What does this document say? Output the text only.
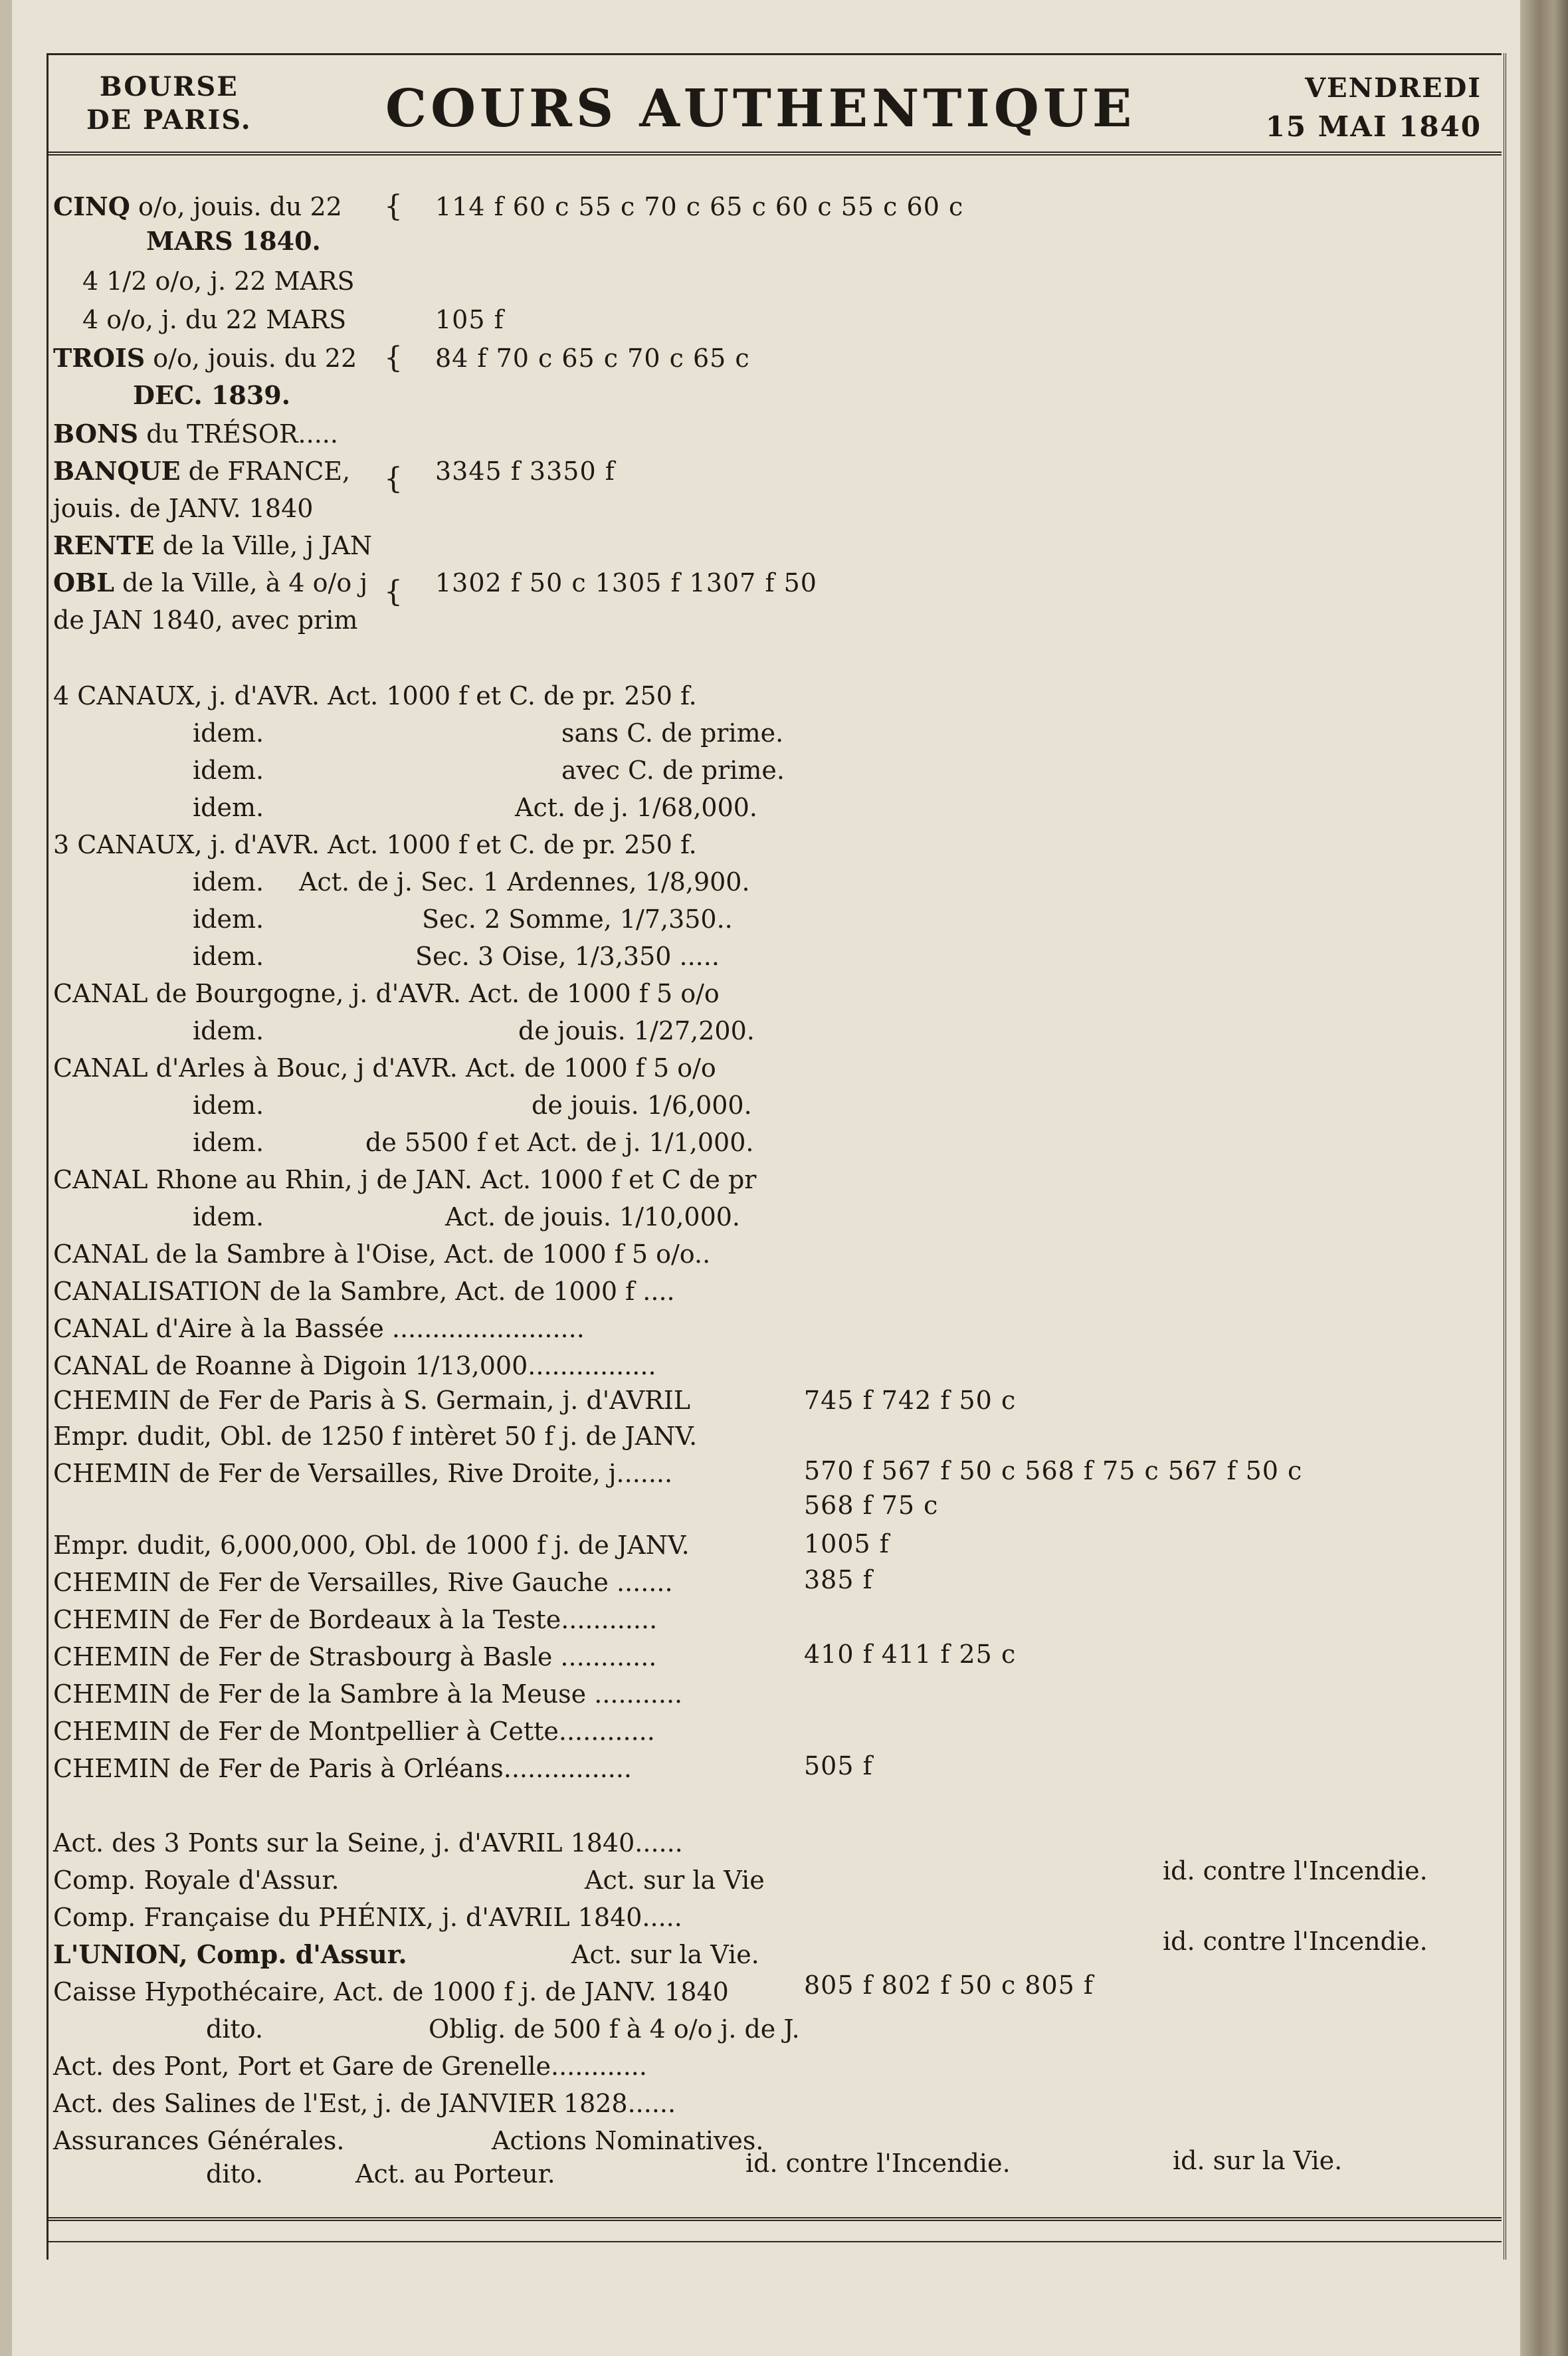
BOURSE
DE PARIS.	COURS AUTHENTIQUE	VENDREDI
15 MAI 1840
CINQ o/o, jouis. du 22
MARS 1840.
{ 114 f 60 c 55 c 70 c 65 c 60 c 55 c 60 c
4 1/2 o/o, j. 22 MARS
4 o/o, j. du 22 MARS	105 f
TROIS o/o, jouis. du 22
DEC. 1839.
{ 84 f 70 c 65 c 70 c 65 c
BONS du TRÉSOR.....
BANQUE de FRANCE,
jouis. de JANV. 1840
{ 3345 f 3350 f
RENTE de la Ville, j JAN
OBL de la Ville, à 4 o/o j
de JAN 1840, avec prim
{ 1302 f 50 c 1305 f 1307 f 50
4 CANAUX, j. d'AVR. Act. 1000 f et C. de pr. 250 f.
idem.	sans C. de prime.
idem.	avec C. de prime.
idem.	Act. de j. 1/68,000.
3 CANAUX, j. d'AVR. Act. 1000 f et C. de pr. 250 f.
idem. Act. de j. Sec. 1 Ardennes, 1/8,900.
idem.	Sec. 2 Somme, 1/7,350..
idem.	Sec. 3 Oise, 1/3,350 .....
CANAL de Bourgogne, j. d'AVR. Act. de 1000 f 5 o/o
idem.	de jouis. 1/27,200.
CANAL d'Arles à Bouc, j d'AVR. Act. de 1000 f 5 o/o
idem.	de jouis. 1/6,000.
idem.	de 5500 f et Act. de j. 1/1,000.
CANAL Rhone au Rhin, j de JAN. Act. 1000 f et C de pr
idem.	Act. de jouis. 1/10,000.
CANAL de la Sambre à l'Oise, Act. de 1000 f 5 o/o..
CANALISATION de la Sambre, Act. de 1000 f ....
CANAL d'Aire à la Bassée ........................
CANAL de Roanne à Digoin 1/13,000................
CHEMIN de Fer de Paris à S. Germain, j. d'AVRIL	745 f 742 f 50 c
Empr. dudit, Obl. de 1250 f intèret 50 f j. de JANV.
CHEMIN de Fer de Versailles, Rive Droite, j.......	570 f 567 f 50 c 568 f 75 c 567 f 50 c
568 f 75 c
Empr. dudit, 6,000,000, Obl. de 1000 f j. de JANV.	1005 f
CHEMIN de Fer de Versailles, Rive Gauche .......	385 f
CHEMIN de Fer de Bordeaux à la Teste............
CHEMIN de Fer de Strasbourg à Basle ............	410 f 411 f 25 c
CHEMIN de Fer de la Sambre à la Meuse ...........
CHEMIN de Fer de Montpellier à Cette............
CHEMIN de Fer de Paris à Orléans................	505 f
Act. des 3 Ponts sur la Seine, j. d'AVRIL 1840......
Comp. Royale d'Assur.	Act. sur la Vie	id. contre l'Incendie.
Comp. Française du PHÉNIX, j. d'AVRIL 1840.....
L'UNION, Comp. d'Assur.	Act. sur la Vie.	id. contre l'Incendie.
Caisse Hypothécaire, Act. de 1000 f j. de JANV. 1840	805 f 802 f 50 c 805 f
dito.	Oblig. de 500 f à 4 o/o j. de J.
Act. des Pont, Port et Gare de Grenelle............
Act. des Salines de l'Est, j. de JANVIER 1828......
Assurances Générales.	Actions Nominatives.
dito.	Act. au Porteur.	id. contre l'Incendie.	id. sur la Vie.
